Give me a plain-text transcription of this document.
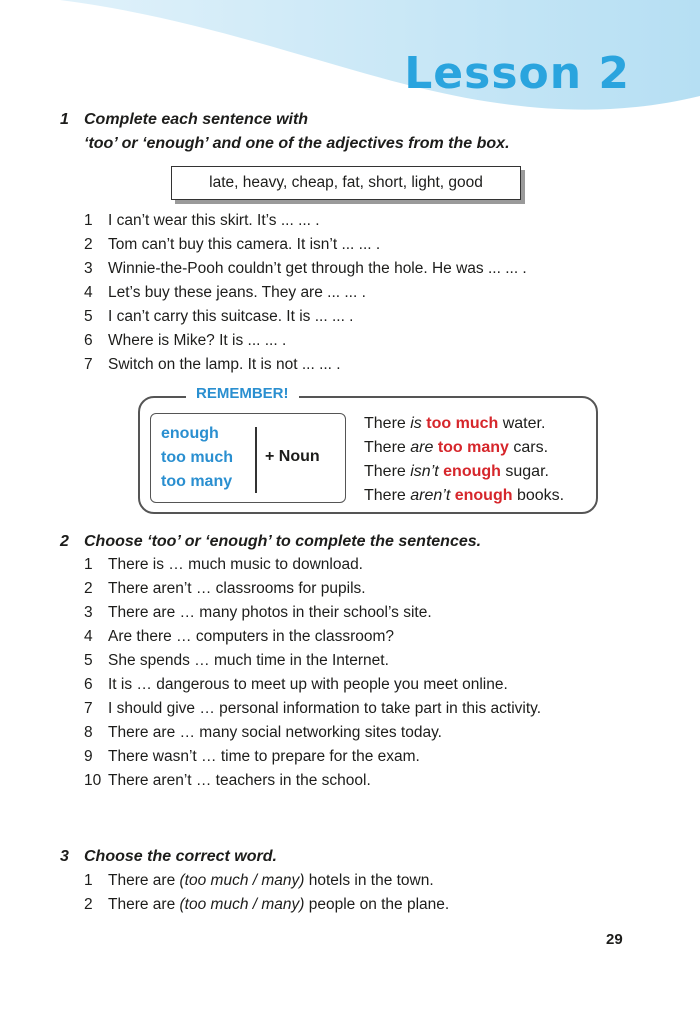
Lesson 2
1 Complete each sentence with
‘too’ or ‘enough’ and one of the adjectives from the box.
late, heavy, cheap, fat, short, light, good
1 I can’t wear this skirt. It’s ... ... .
2 Tom can’t buy this camera. It isn’t ... ... .
3 Winnie-the-Pooh couldn’t get through the hole. He was ... ... .
4 Let’s buy these jeans. They are ... ... .
5 I can’t carry this suitcase. It is ... ... .
6 Where is Mike? It is ... ... .
7 Switch on the lamp. It is not ... ... .
REMEMBER!
enough
too much
too many
+ Noun
There is too much water.
There are too many cars.
There isn’t enough sugar.
There aren’t enough books.
2 Choose ‘too’ or ‘enough’ to complete the sentences.
1 There is … much music to download.
2 There aren’t … classrooms for pupils.
3 There are … many photos in their school’s site.
4 Are there … computers in the classroom?
5 She spends … much time in the Internet.
6 It is … dangerous to meet up with people you meet online.
7 I should give … personal information to take part in this activity.
8 There are … many social networking sites today.
9 There wasn’t … time to prepare for the exam.
10 There aren’t … teachers in the school.
3 Choose the correct word.
1 There are (too much / many) hotels in the town.
2 There are (too much / many) people on the plane.
29
